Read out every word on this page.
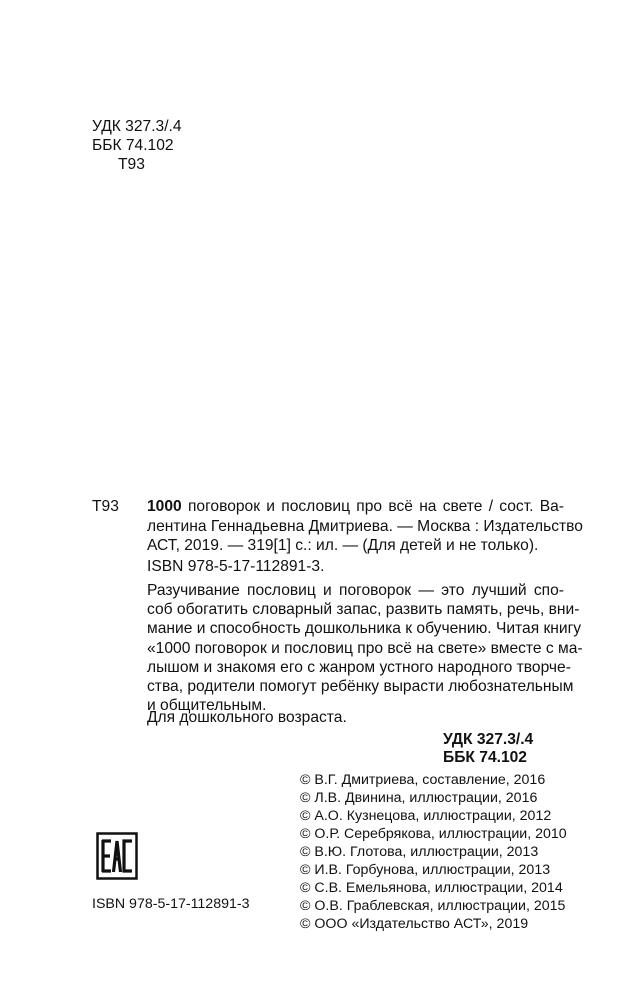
УДК 327.3/.4
ББК 74.102
Т93
Т93 1000 поговорок и пословиц про всё на свете / сост. Ва-
лентина Геннадьевна Дмитриева. — Москва : Издательство
АСТ, 2019. — 319[1] с.: ил. — (Для детей и не только).
ISBN 978-5-17-112891-3.
Разучивание пословиц и поговорок — это лучший спо-
соб обогатить словарный запас, развить память, речь, вни-
мание и способность дошкольника к обучению. Читая книгу
«1000 поговорок и пословиц про всё на свете» вместе с ма-
лышом и знакомя его с жанром устного народного творче-
ства, родители помогут ребёнку вырасти любознательным
и общительным.
Для дошкольного возраста.
УДК 327.3/.4
ББК 74.102
© В.Г. Дмитриева, составление, 2016
© Л.В. Двинина, иллюстрации, 2016
© А.О. Кузнецова, иллюстрации, 2012
© О.Р. Серебрякова, иллюстрации, 2010
© В.Ю. Глотова, иллюстрации, 2013
© И.В. Горбунова, иллюстрации, 2013
© С.В. Емельянова, иллюстрации, 2014
© О.В. Граблевская, иллюстрации, 2015
© ООО «Издательство АСТ», 2019
ISBN 978-5-17-112891-3
